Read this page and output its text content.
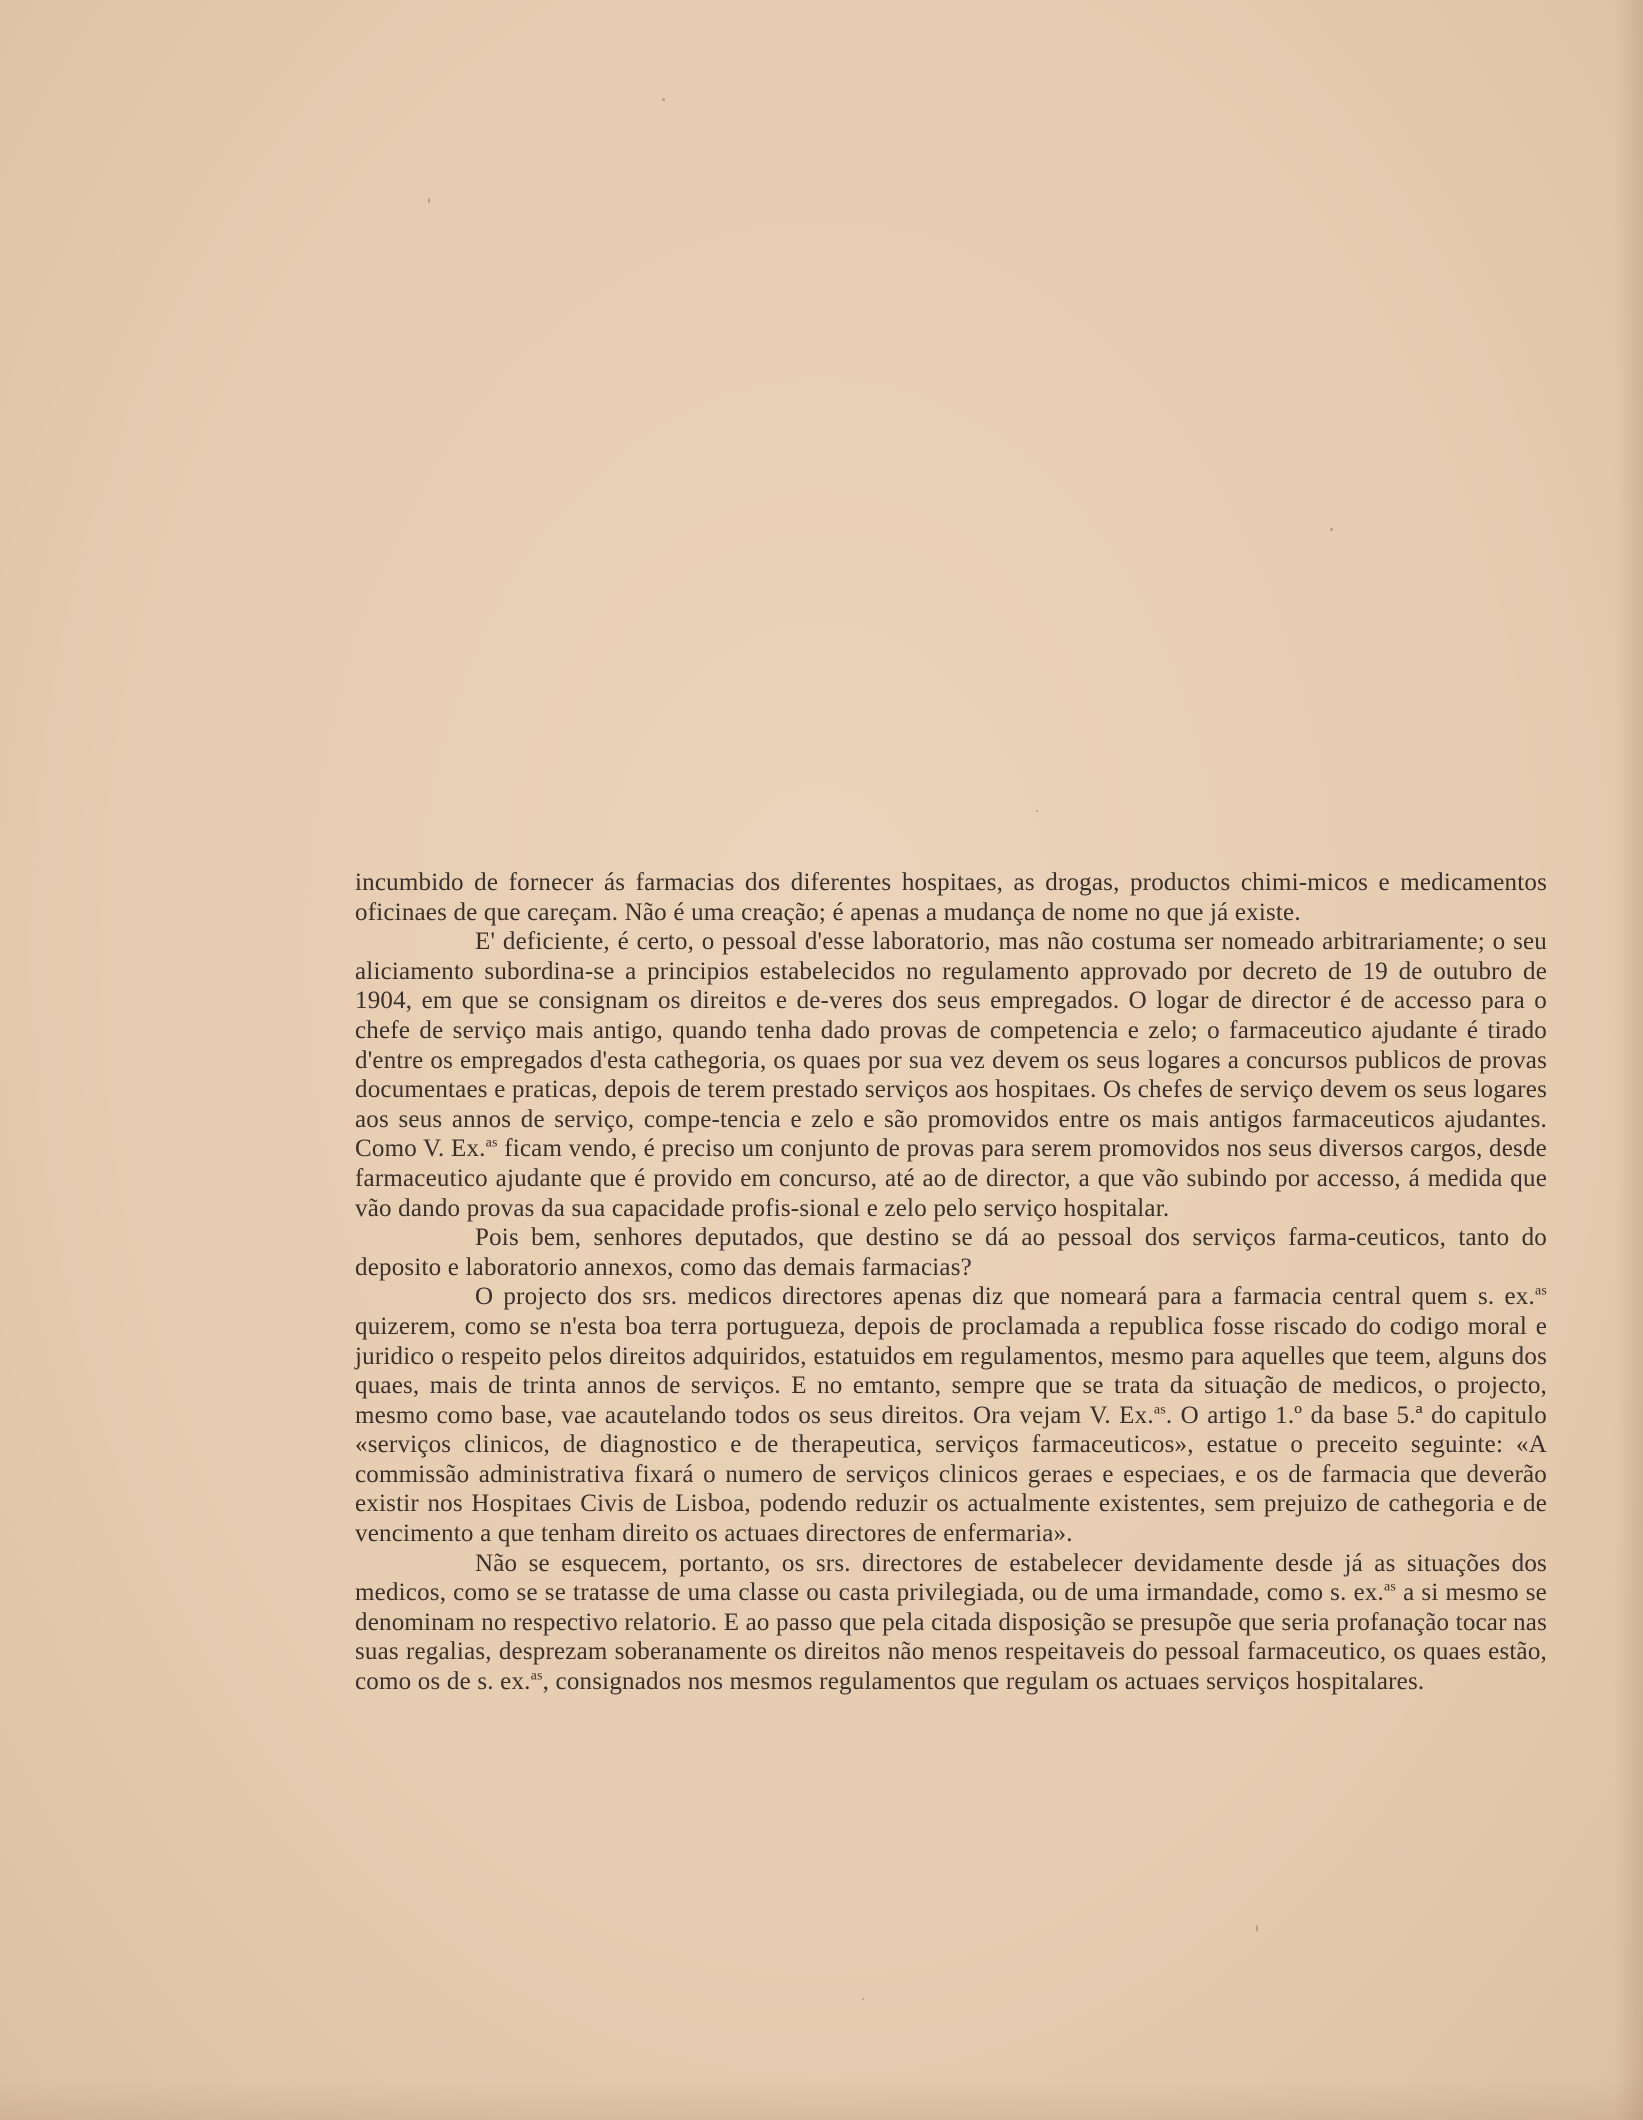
incumbido de fornecer ás farmacias dos diferentes hospitaes, as drogas, productos chimi-micos e medicamentos oficinaes de que careçam. Não é uma creação; é apenas a mudança de nome no que já existe.

E' deficiente, é certo, o pessoal d'esse laboratorio, mas não costuma ser nomeado arbitrariamente; o seu aliciamento subordina-se a principios estabelecidos no regulamento approvado por decreto de 19 de outubro de 1904, em que se consignam os direitos e de-veres dos seus empregados. O logar de director é de accesso para o chefe de serviço mais antigo, quando tenha dado provas de competencia e zelo; o farmaceutico ajudante é tirado d'entre os empregados d'esta cathegoria, os quaes por sua vez devem os seus logares a concursos publicos de provas documentaes e praticas, depois de terem prestado serviços aos hospitaes. Os chefes de serviço devem os seus logares aos seus annos de serviço, compe-tencia e zelo e são promovidos entre os mais antigos farmaceuticos ajudantes. Como V. Ex.$^{as}$ ficam vendo, é preciso um conjunto de provas para serem promovidos nos seus diversos cargos, desde farmaceutico ajudante que é provido em concurso, até ao de director, a que vão subindo por accesso, á medida que vão dando provas da sua capacidade profis-sional e zelo pelo serviço hospitalar.

Pois bem, senhores deputados, que destino se dá ao pessoal dos serviços farma-ceuticos, tanto do deposito e laboratorio annexos, como das demais farmacias?

O projecto dos srs. medicos directores apenas diz que nomeará para a farmacia central quem s. ex.$^{as}$ quizerem, como se n'esta boa terra portugueza, depois de proclamada a republica fosse riscado do codigo moral e juridico o respeito pelos direitos adquiridos, estatuidos em regulamentos, mesmo para aquelles que teem, alguns dos quaes, mais de trinta annos de serviços. E no emtanto, sempre que se trata da situação de medicos, o projecto, mesmo como base, vae acautelando todos os seus direitos. Ora vejam V. Ex.$^{as}$. O artigo 1.º da base 5.ª do capitulo «serviços clinicos, de diagnostico e de therapeutica, serviços farmaceuticos», estatue o preceito seguinte: «A commissão administrativa fixará o numero de serviços clinicos geraes e especiaes, e os de farmacia que deverão existir nos Hospitaes Civis de Lisboa, podendo reduzir os actualmente existentes, sem prejuizo de cathegoria e de vencimento a que tenham direito os actuaes directores de enfermaria».

Não se esquecem, portanto, os srs. directores de estabelecer devidamente desde já as situações dos medicos, como se se tratasse de uma classe ou casta privilegiada, ou de uma irmandade, como s. ex.$^{as}$ a si mesmo se denominam no respectivo relatorio. E ao passo que pela citada disposição se presupõe que seria profanação tocar nas suas regalias, desprezam soberanamente os direitos não menos respeitaveis do pessoal farmaceutico, os quaes estão, como os de s. ex.$^{as}$, consignados nos mesmos regulamentos que regulam os actuaes serviços hospitalares.
